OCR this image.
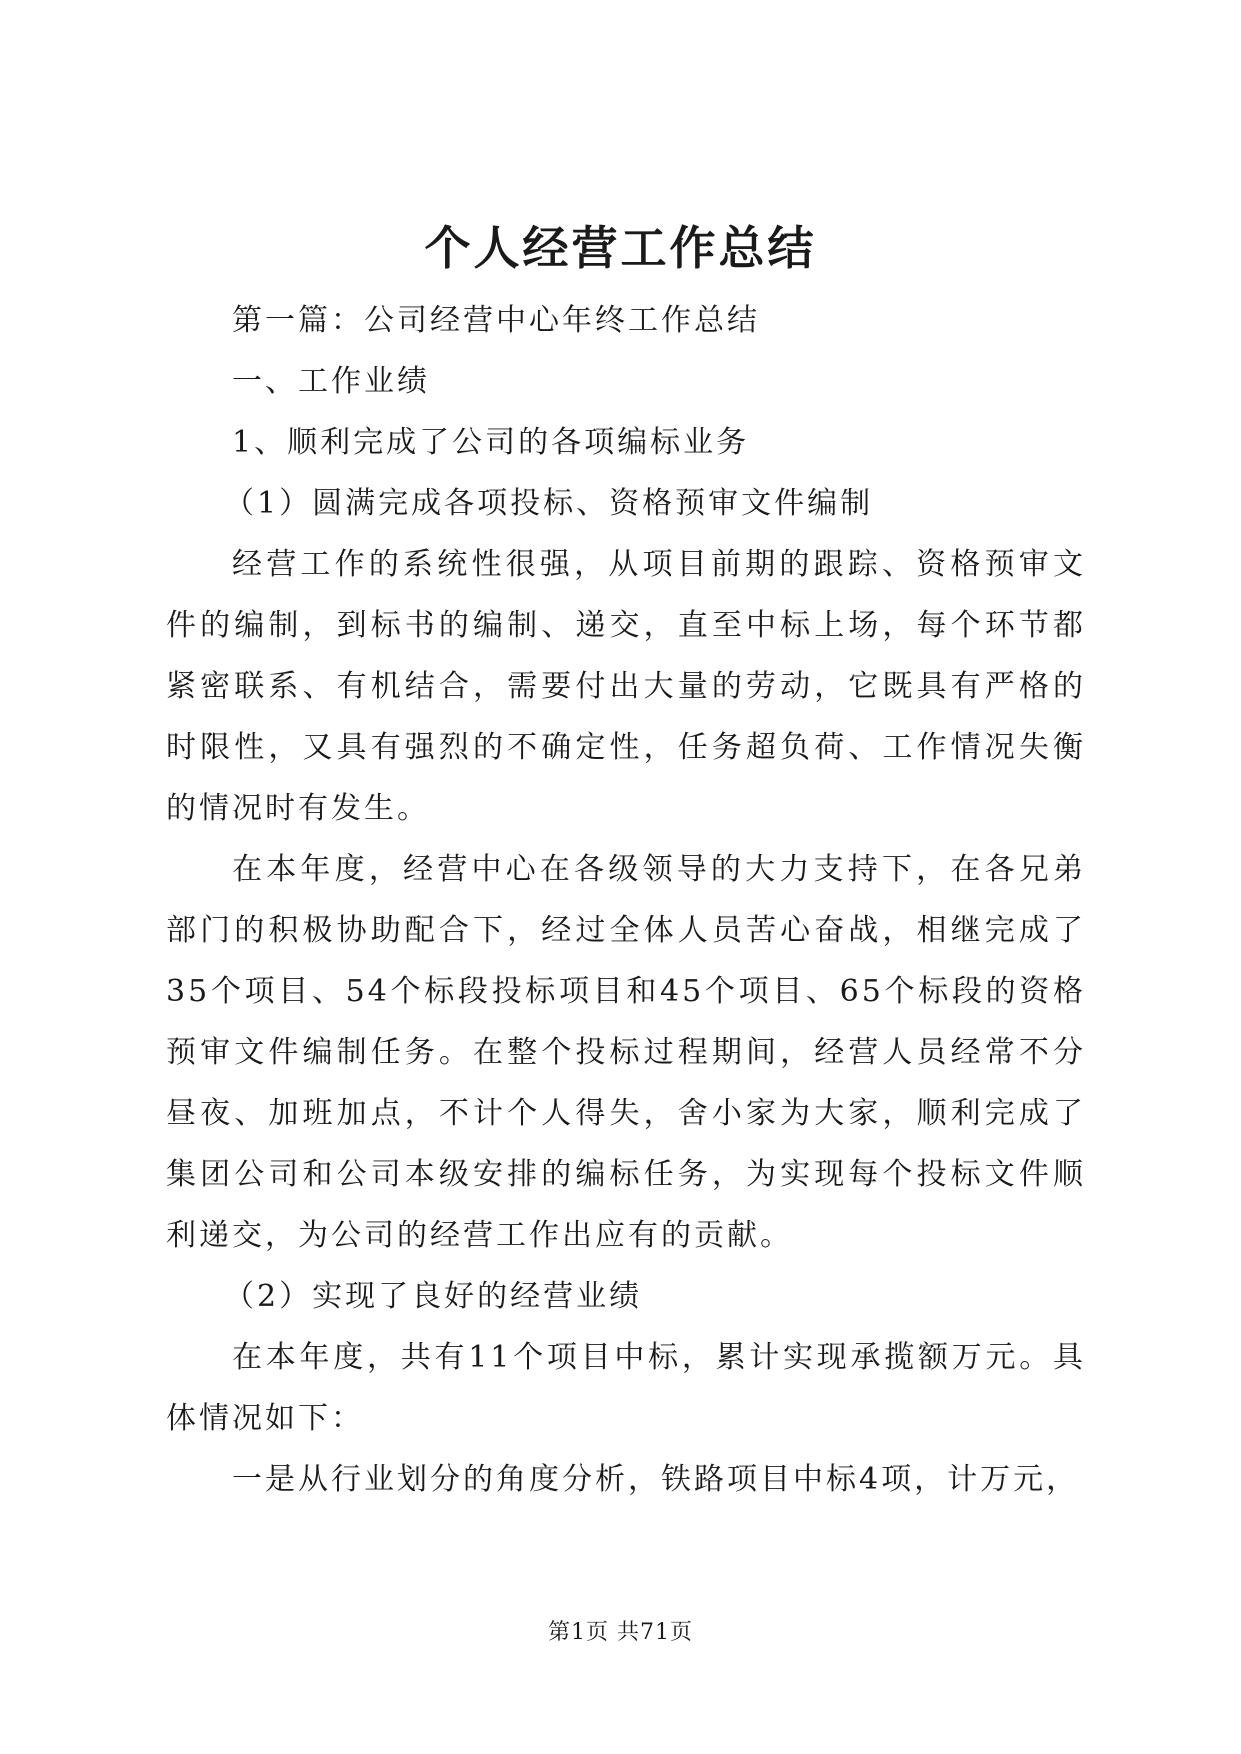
个人经营工作总结
第一篇：公司经营中心年终工作总结
一、工作业绩
1、顺利完成了公司的各项编标业务
（1）圆满完成各项投标、资格预审文件编制

经营工作的系统性很强，从项目前期的跟踪、资格预审文件的编制，到标书的编制、递交，直至中标上场，每个环节都紧密联系、有机结合，需要付出大量的劳动，它既具有严格的时限性，又具有强烈的不确定性，任务超负荷、工作情况失衡的情况时有发生。

在本年度，经营中心在各级领导的大力支持下，在各兄弟部门的积极协助配合下，经过全体人员苦心奋战，相继完成了35个项目、54个标段投标项目和45个项目、65个标段的资格预审文件编制任务。在整个投标过程期间，经营人员经常不分昼夜、加班加点，不计个人得失，舍小家为大家，顺利完成了集团公司和公司本级安排的编标任务，为实现每个投标文件顺利递交，为公司的经营工作出应有的贡献。

（2）实现了良好的经营业绩

在本年度，共有11个项目中标，累计实现承揽额万元。具体情况如下：

一是从行业划分的角度分析，铁路项目中标4项，计万元，

第1页 共71页
